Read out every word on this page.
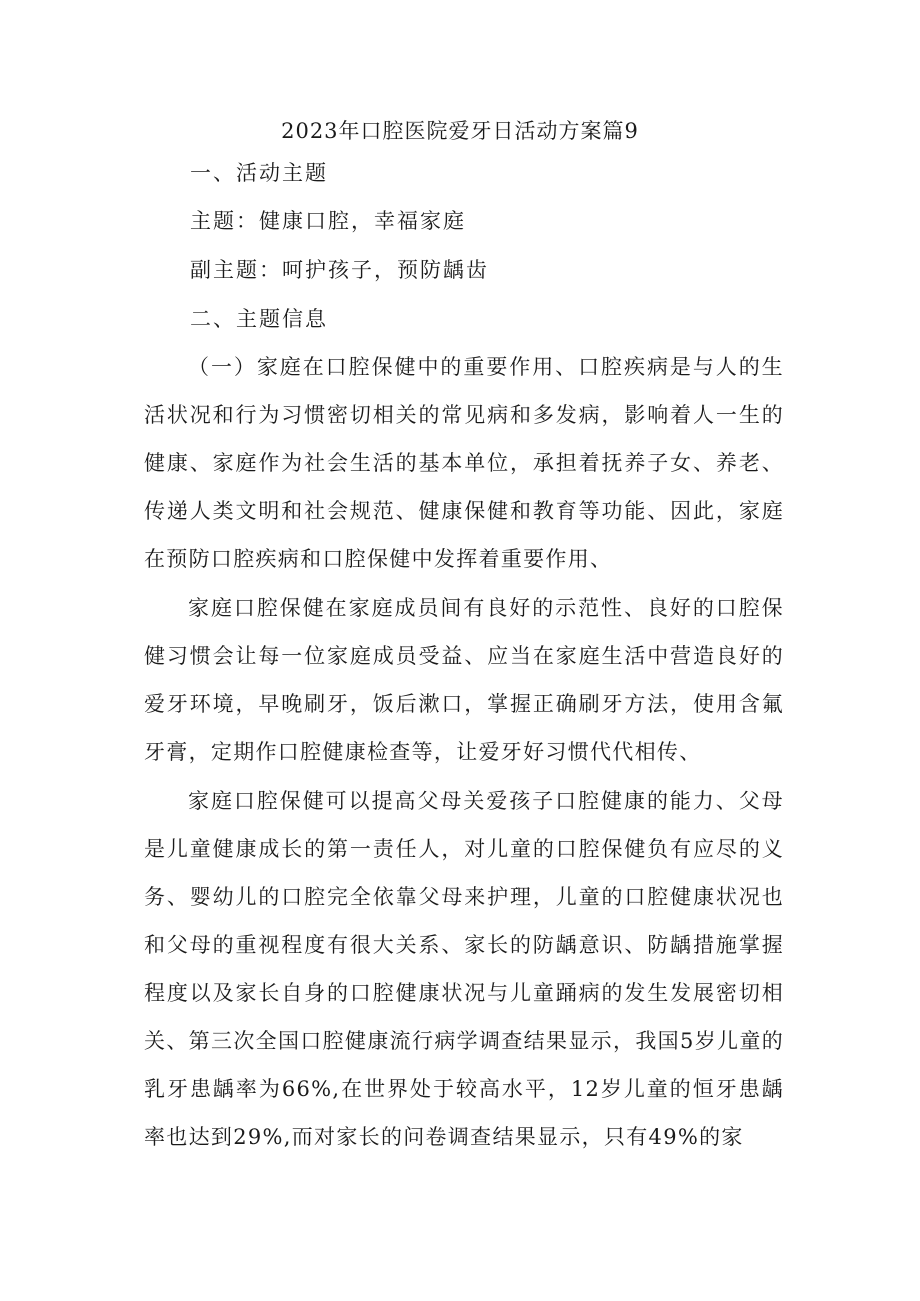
2023年口腔医院爱牙日活动方案篇9
一、活动主题
主题：健康口腔，幸福家庭
副主题：呵护孩子，预防龋齿
二、主题信息

（一）家庭在口腔保健中的重要作用、口腔疾病是与人的生活状况和行为习惯密切相关的常见病和多发病，影响着人一生的健康、家庭作为社会生活的基本单位，承担着抚养子女、养老、传递人类文明和社会规范、健康保健和教育等功能、因此，家庭在预防口腔疾病和口腔保健中发挥着重要作用、

家庭口腔保健在家庭成员间有良好的示范性、良好的口腔保健习惯会让每一位家庭成员受益、应当在家庭生活中营造良好的爱牙环境，早晚刷牙，饭后漱口，掌握正确刷牙方法，使用含氟牙膏，定期作口腔健康检查等，让爱牙好习惯代代相传、

家庭口腔保健可以提高父母关爱孩子口腔健康的能力、父母是儿童健康成长的第一责任人，对儿童的口腔保健负有应尽的义务、婴幼儿的口腔完全依靠父母来护理，儿童的口腔健康状况也和父母的重视程度有很大关系、家长的防龋意识、防龋措施掌握程度以及家长自身的口腔健康状况与儿童踊病的发生发展密切相关、第三次全国口腔健康流行病学调查结果显示，我国5岁儿童的乳牙患龋率为66%,在世界处于较高水平，12岁儿童的恒牙患龋率也达到29%,而对家长的问卷调查结果显示，只有49%的家
